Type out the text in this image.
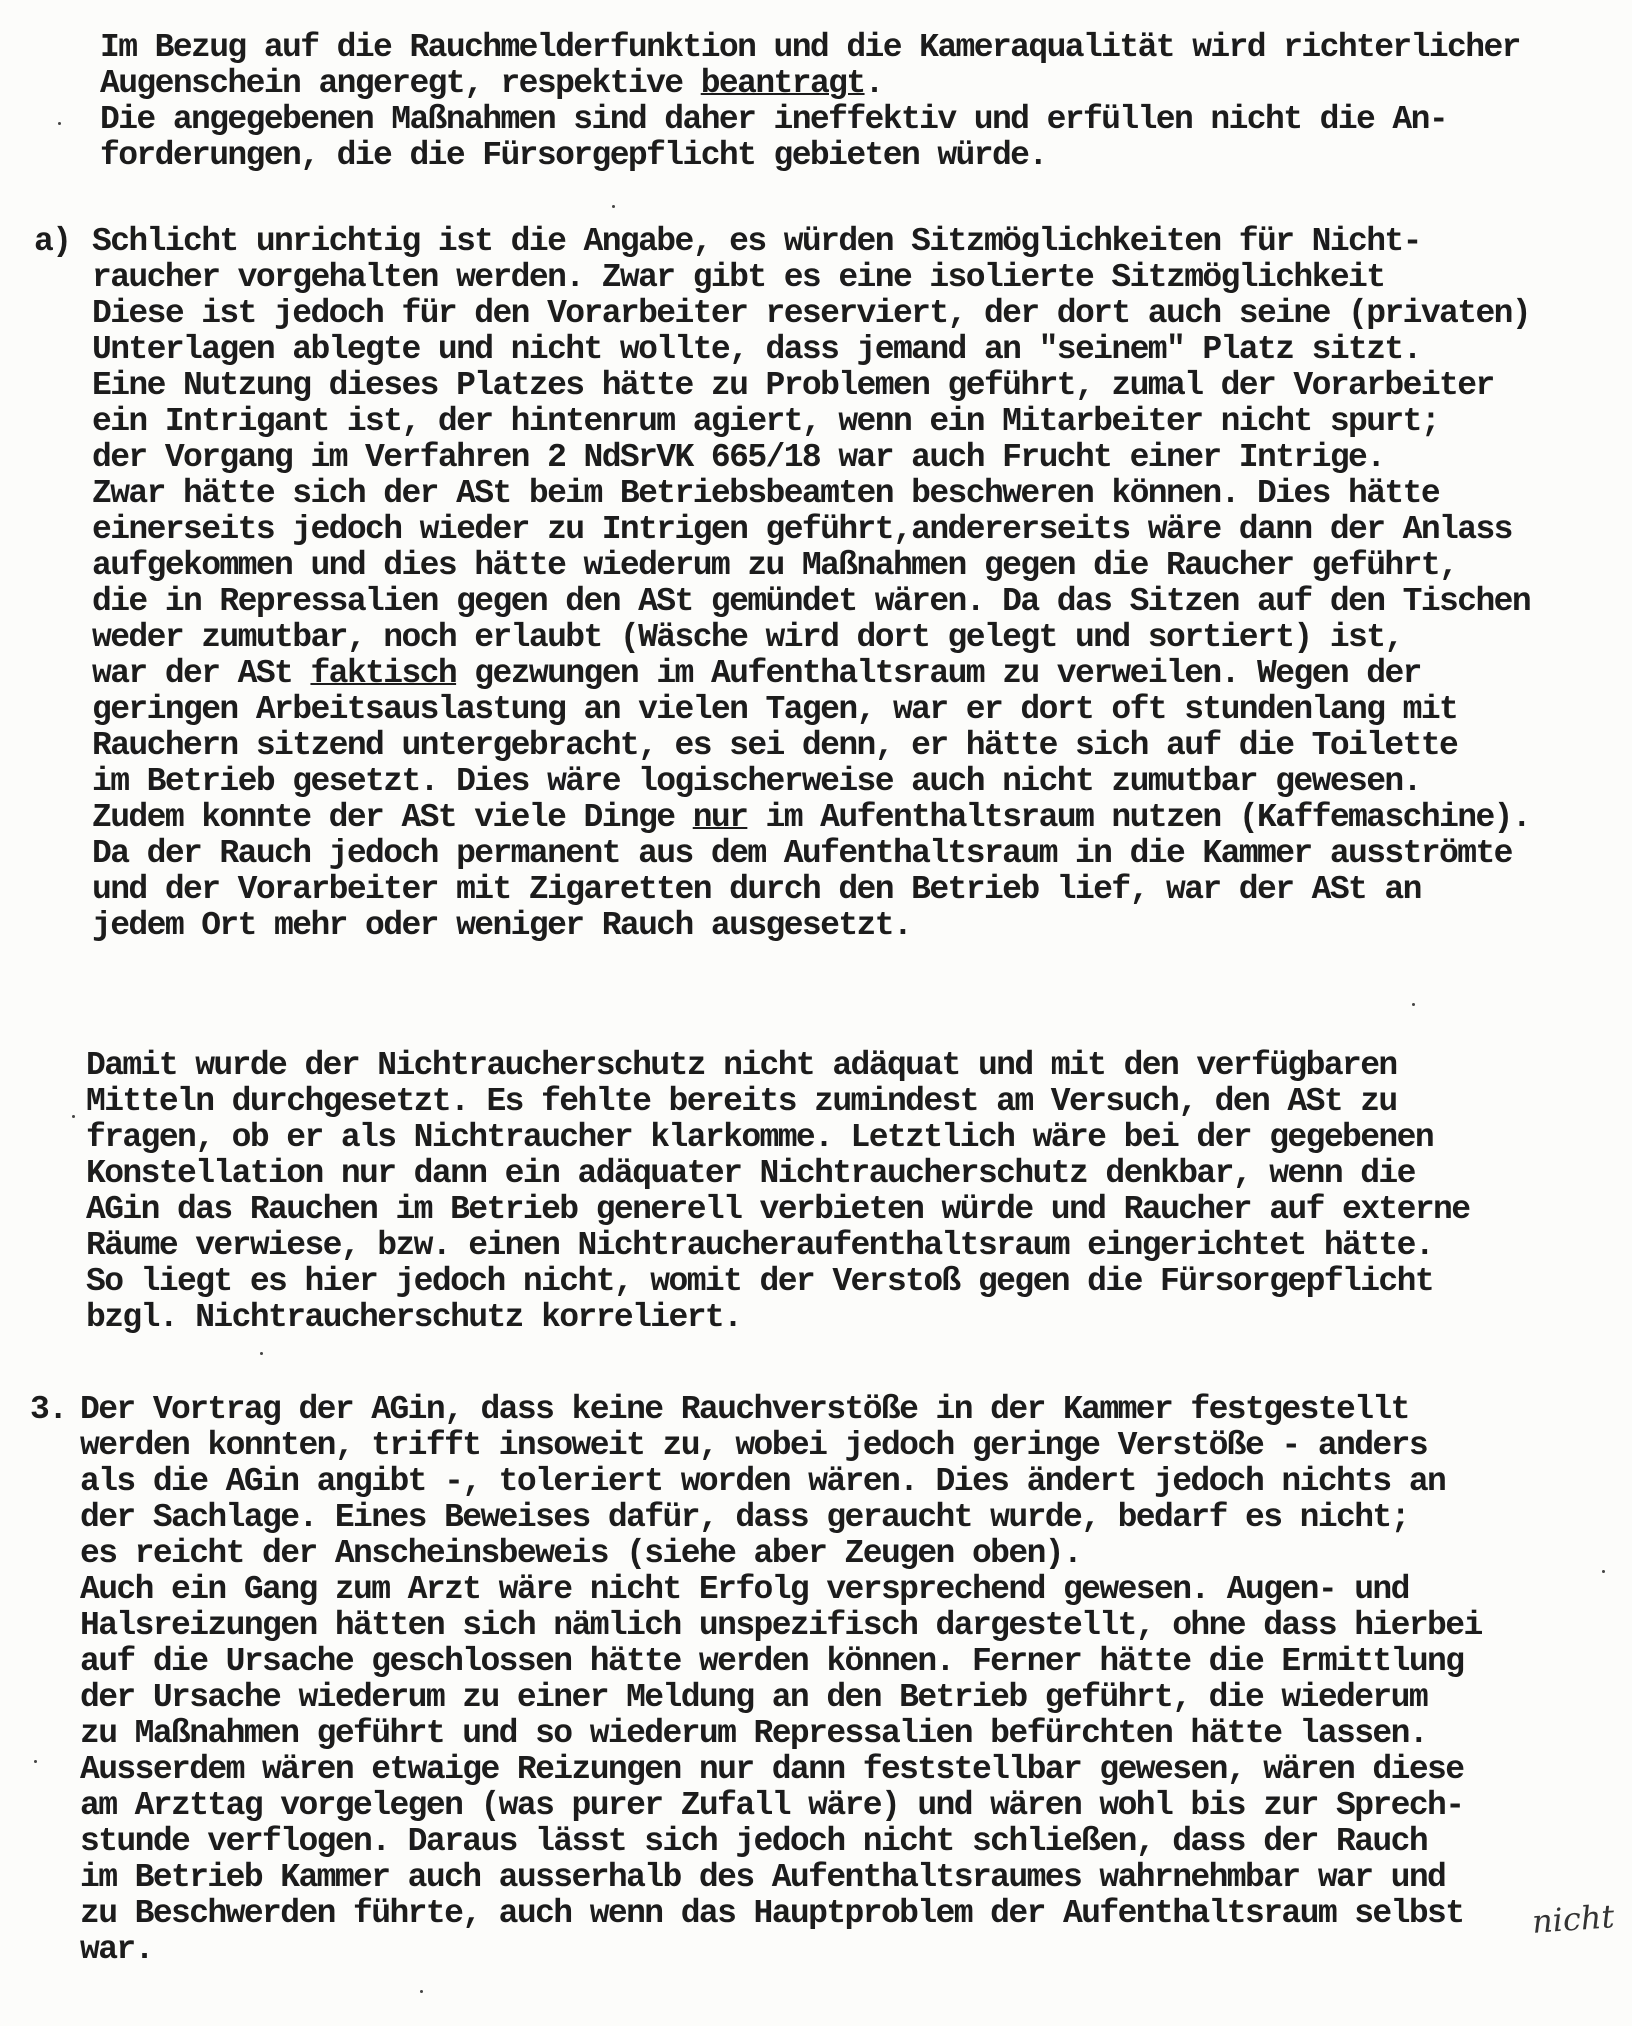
Im Bezug auf die Rauchmelderfunktion und die Kameraqualität wird richterlicher
Augenschein angeregt, respektive beantragt.
Die angegebenen Maßnahmen sind daher ineffektiv und erfüllen nicht die An-
forderungen, die die Fürsorgepflicht gebieten würde.
a) Schlicht unrichtig ist die Angabe, es würden Sitzmöglichkeiten für Nicht-
raucher vorgehalten werden. Zwar gibt es eine isolierte Sitzmöglichkeit
Diese ist jedoch für den Vorarbeiter reserviert, der dort auch seine (privaten)
Unterlagen ablegte und nicht wollte, dass jemand an "seinem" Platz sitzt.
Eine Nutzung dieses Platzes hätte zu Problemen geführt, zumal der Vorarbeiter
ein Intrigant ist, der hintenrum agiert, wenn ein Mitarbeiter nicht spurt;
der Vorgang im Verfahren 2 NdSrVK 665/18 war auch Frucht einer Intrige.
Zwar hätte sich der ASt beim Betriebsbeamten beschweren können. Dies hätte
einerseits jedoch wieder zu Intrigen geführt,andererseits wäre dann der Anlass
aufgekommen und dies hätte wiederum zu Maßnahmen gegen die Raucher geführt,
die in Repressalien gegen den ASt gemündet wären. Da das Sitzen auf den Tischen
weder zumutbar, noch erlaubt (Wäsche wird dort gelegt und sortiert) ist,
war der ASt faktisch gezwungen im Aufenthaltsraum zu verweilen. Wegen der
geringen Arbeitsauslastung an vielen Tagen, war er dort oft stundenlang mit
Rauchern sitzend untergebracht, es sei denn, er hätte sich auf die Toilette
im Betrieb gesetzt. Dies wäre logischerweise auch nicht zumutbar gewesen.
Zudem konnte der ASt viele Dinge nur im Aufenthaltsraum nutzen (Kaffemaschine).
Da der Rauch jedoch permanent aus dem Aufenthaltsraum in die Kammer ausströmte
und der Vorarbeiter mit Zigaretten durch den Betrieb lief, war der ASt an
jedem Ort mehr oder weniger Rauch ausgesetzt.
Damit wurde der Nichtraucherschutz nicht adäquat und mit den verfügbaren
Mitteln durchgesetzt. Es fehlte bereits zumindest am Versuch, den ASt zu
fragen, ob er als Nichtraucher klarkomme. Letztlich wäre bei der gegebenen
Konstellation nur dann ein adäquater Nichtraucherschutz denkbar, wenn die
AGin das Rauchen im Betrieb generell verbieten würde und Raucher auf externe
Räume verwiese, bzw. einen Nichtraucheraufenthaltsraum eingerichtet hätte.
So liegt es hier jedoch nicht, womit der Verstoß gegen die Fürsorgepflicht
bzgl. Nichtraucherschutz korreliert.
3. Der Vortrag der AGin, dass keine Rauchverstöße in der Kammer festgestellt
werden konnten, trifft insoweit zu, wobei jedoch geringe Verstöße - anders
als die AGin angibt -, toleriert worden wären. Dies ändert jedoch nichts an
der Sachlage. Eines Beweises dafür, dass geraucht wurde, bedarf es nicht;
es reicht der Anscheinsbeweis (siehe aber Zeugen oben).
Auch ein Gang zum Arzt wäre nicht Erfolg versprechend gewesen. Augen- und
Halsreizungen hätten sich nämlich unspezifisch dargestellt, ohne dass hierbei
auf die Ursache geschlossen hätte werden können. Ferner hätte die Ermittlung
der Ursache wiederum zu einer Meldung an den Betrieb geführt, die wiederum
zu Maßnahmen geführt und so wiederum Repressalien befürchten hätte lassen.
Ausserdem wären etwaige Reizungen nur dann feststellbar gewesen, wären diese
am Arzttag vorgelegen (was purer Zufall wäre) und wären wohl bis zur Sprech-
stunde verflogen. Daraus lässt sich jedoch nicht schließen, dass der Rauch
im Betrieb Kammer auch ausserhalb des Aufenthaltsraumes wahrnehmbar war und
zu Beschwerden führte, auch wenn das Hauptproblem der Aufenthaltsraum selbst
war.
nicht
